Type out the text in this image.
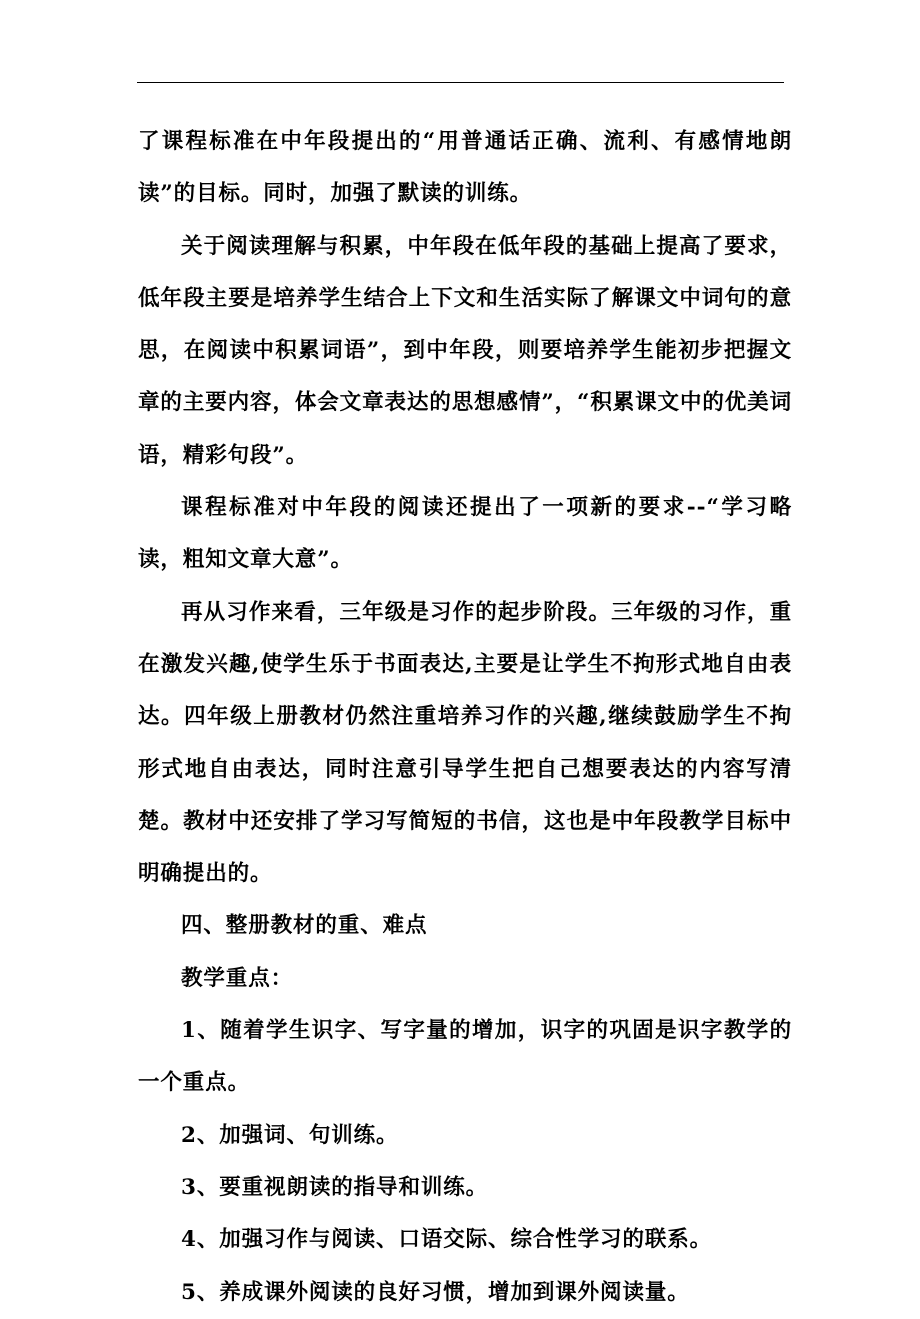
了课程标准在中年段提出的“用普通话正确、流利、有感情地朗读”的目标。同时，加强了默读的训练。

关于阅读理解与积累，中年段在低年段的基础上提高了要求，低年段主要是培养学生结合上下文和生活实际了解课文中词句的意思，在阅读中积累词语”，到中年段，则要培养学生能初步把握文章的主要内容，体会文章表达的思想感情”，“积累课文中的优美词语，精彩句段”。

课程标准对中年段的阅读还提出了一项新的要求--“学习略读，粗知文章大意”。

再从习作来看，三年级是习作的起步阶段。三年级的习作，重在激发兴趣,使学生乐于书面表达,主要是让学生不拘形式地自由表达。四年级上册教材仍然注重培养习作的兴趣,继续鼓励学生不拘形式地自由表达，同时注意引导学生把自己想要表达的内容写清楚。教材中还安排了学习写简短的书信，这也是中年段教学目标中明确提出的。

四、整册教材的重、难点

教学重点：

1、随着学生识字、写字量的增加，识字的巩固是识字教学的一个重点。

2、加强词、句训练。

3、要重视朗读的指导和训练。

4、加强习作与阅读、口语交际、综合性学习的联系。

5、养成课外阅读的良好习惯，增加到课外阅读量。
